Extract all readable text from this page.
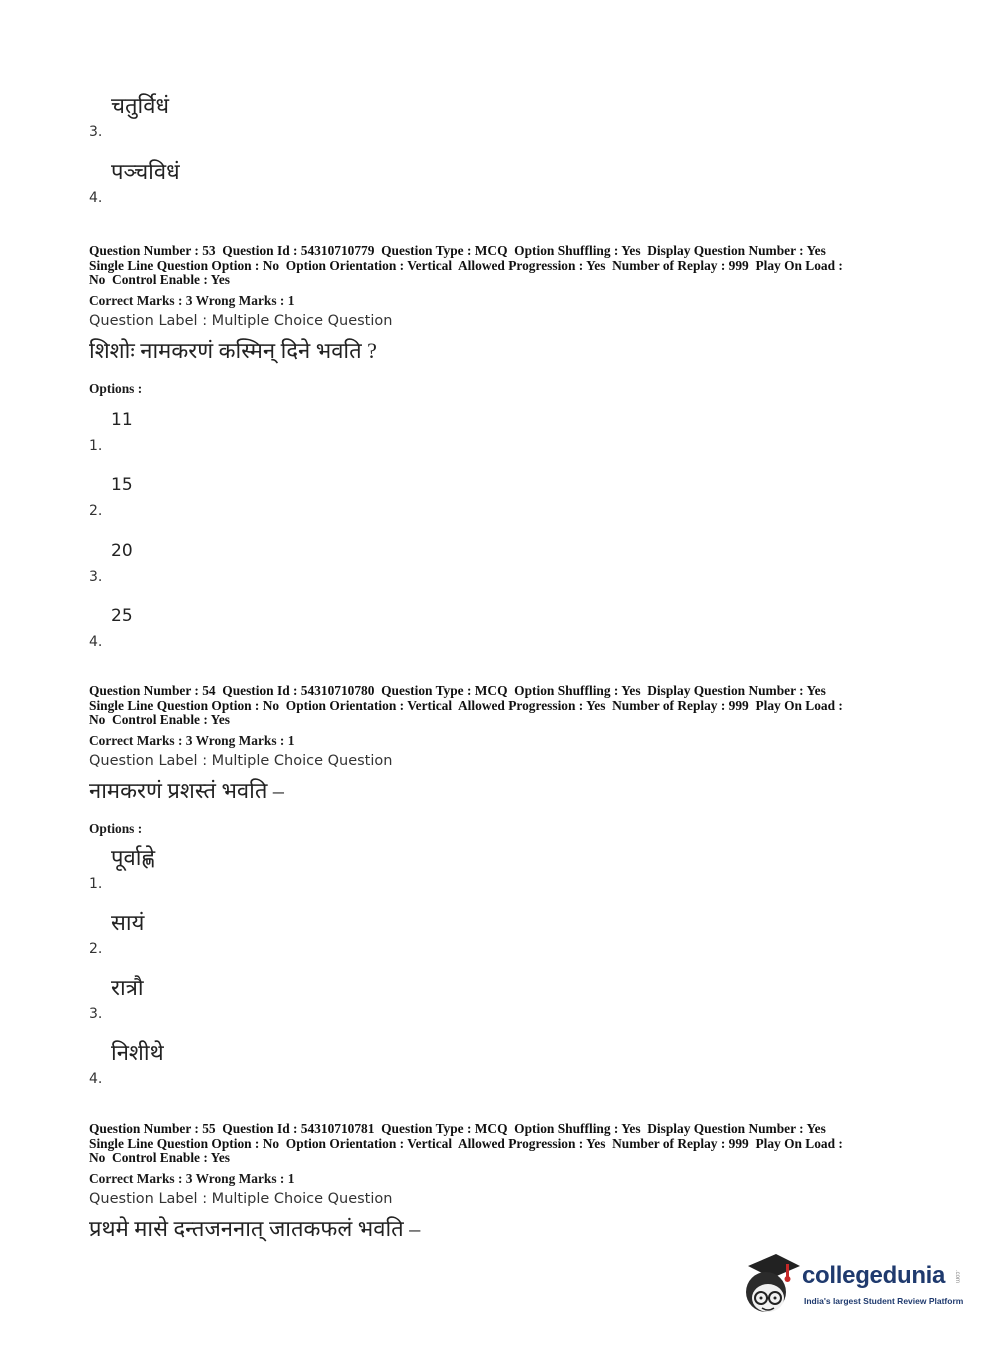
3.
चतुर्विधं
4.
पञ्चविधं
Question Number : 53  Question Id : 54310710779  Question Type : MCQ  Option Shuffling : Yes  Display Question Number : Yes
Single Line Question Option : No  Option Orientation : Vertical  Allowed Progression : Yes  Number of Replay : 999  Play On Load :
No  Control Enable : Yes
Correct Marks : 3 Wrong Marks : 1
Question Label : Multiple Choice Question
शिशोः नामकरणं कस्मिन् दिने भवति ?
Options :
1.
11
2.
15
3.
20
4.
25
Question Number : 54  Question Id : 54310710780  Question Type : MCQ  Option Shuffling : Yes  Display Question Number : Yes
Single Line Question Option : No  Option Orientation : Vertical  Allowed Progression : Yes  Number of Replay : 999  Play On Load :
No  Control Enable : Yes
Correct Marks : 3 Wrong Marks : 1
Question Label : Multiple Choice Question
नामकरणं प्रशस्तं भवति –
Options :
1.
पूर्वाह्णे
2.
सायं
3.
रात्रौ
4.
निशीथे
Question Number : 55  Question Id : 54310710781  Question Type : MCQ  Option Shuffling : Yes  Display Question Number : Yes
Single Line Question Option : No  Option Orientation : Vertical  Allowed Progression : Yes  Number of Replay : 999  Play On Load :
No  Control Enable : Yes
Correct Marks : 3 Wrong Marks : 1
Question Label : Multiple Choice Question
प्रथमे मासे दन्तजननात् जातकफलं भवति –
collegedunia .com
India's largest Student Review Platform
